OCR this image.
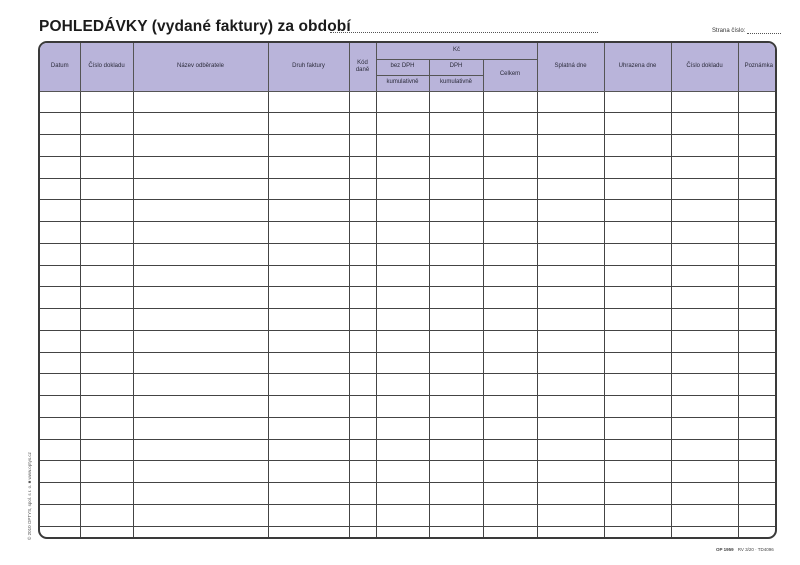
POHLEDÁVKY (vydané faktury) za období	Strana číslo:
Datum	Číslo dokladu	Název odběratele	Druh faktury	Kód daně	Kč			Splatná dne	Uhrazena dne	Číslo dokladu	Poznámka
					bez DPH	DPH	Celkem				
					kumulativně	kumulativně					

© 2010 OPTYS, spol. s r. o. ■ www.optys.cz
OP 1959 RV 3/20 · TD4096
